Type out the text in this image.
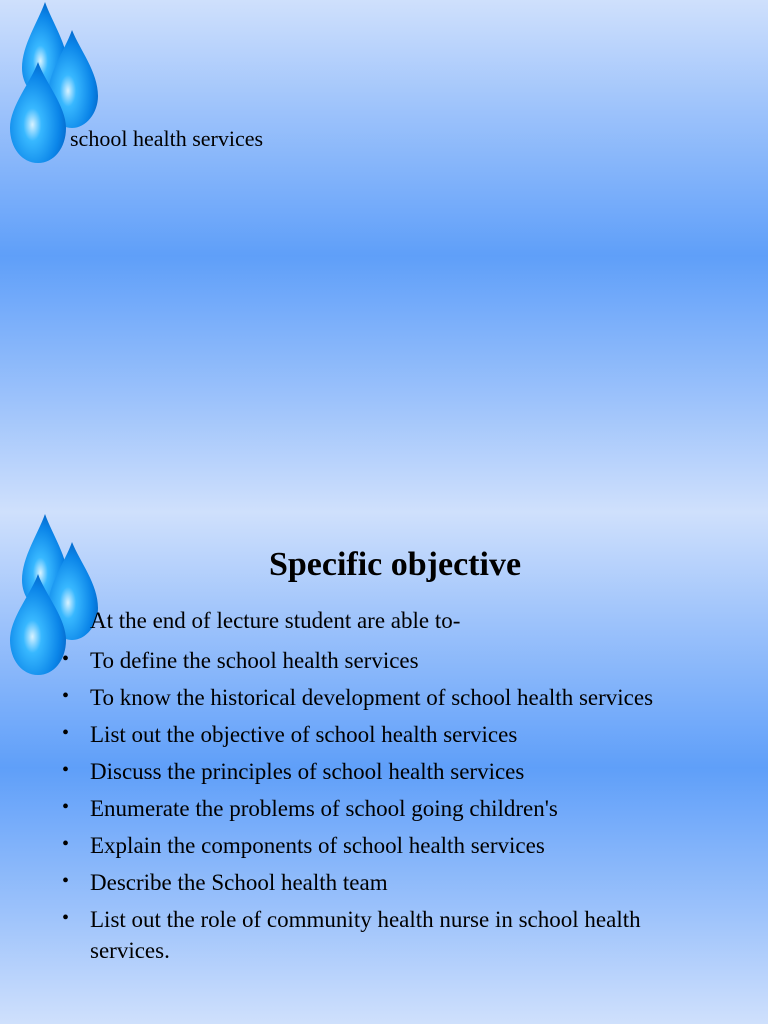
school health services
Specific objective
At the end of lecture student are able to-
• To define the school health services
• To know the historical development of school health services
• List out the objective of school health services
• Discuss the principles of school health services
• Enumerate the problems of school going children's
• Explain the components of school health services
• Describe the School health team
• List out the role of community health nurse in school health services.
